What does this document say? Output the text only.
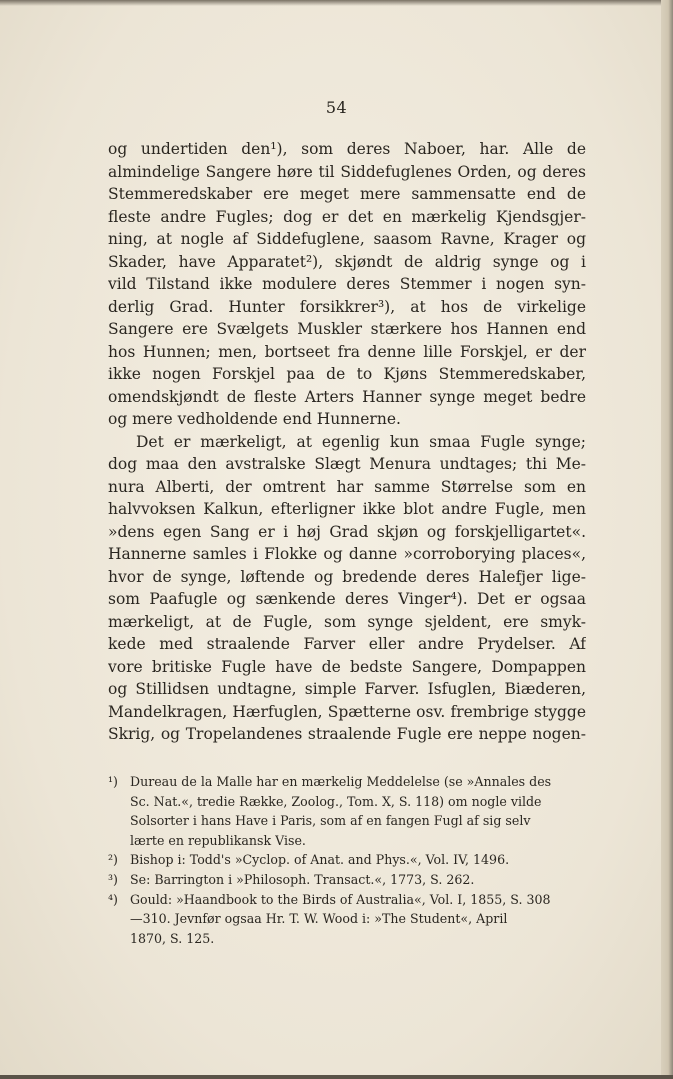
54
og undertiden den¹), som deres Naboer, har. Alle de
almindelige Sangere høre til Siddefuglenes Orden, og deres
Stemmeredskaber ere meget mere sammensatte end de
fleste andre Fugles; dog er det en mærkelig Kjendsgjer-
ning, at nogle af Siddefuglene, saasom Ravne, Krager og
Skader, have Apparatet²), skjøndt de aldrig synge og i
vild Tilstand ikke modulere deres Stemmer i nogen syn-
derlig Grad. Hunter forsikkrer³), at hos de virkelige
Sangere ere Svælgets Muskler stærkere hos Hannen end
hos Hunnen; men, bortseet fra denne lille Forskjel, er der
ikke nogen Forskjel paa de to Kjøns Stemmeredskaber,
omendskjøndt de fleste Arters Hanner synge meget bedre
og mere vedholdende end Hunnerne.
Det er mærkeligt, at egenlig kun smaa Fugle synge;
dog maa den avstralske Slægt Menura undtages; thi Me-
nura Alberti, der omtrent har samme Størrelse som en
halvvoksen Kalkun, efterligner ikke blot andre Fugle, men
»dens egen Sang er i høj Grad skjøn og forskjelligartet«.
Hannerne samles i Flokke og danne »corroborying places«,
hvor de synge, løftende og bredende deres Halefjer lige-
som Paafugle og sænkende deres Vinger⁴). Det er ogsaa
mærkeligt, at de Fugle, som synge sjeldent, ere smyk-
kede med straalende Farver eller andre Prydelser. Af
vore britiske Fugle have de bedste Sangere, Dompappen
og Stillidsen undtagne, simple Farver. Isfuglen, Biæderen,
Mandelkragen, Hærfuglen, Spætterne osv. frembrige stygge
Skrig, og Tropelandenes straalende Fugle ere neppe nogen-
¹) Dureau de la Malle har en mærkelig Meddelelse (se »Annales des
Sc. Nat.«, tredie Række, Zoolog., Tom. X, S. 118) om nogle vilde
Solsorter i hans Have i Paris, som af en fangen Fugl af sig selv
lærte en republikansk Vise.
²) Bishop i: Todd's »Cyclop. of Anat. and Phys.«, Vol. IV, 1496.
³) Se: Barrington i »Philosoph. Transact.«, 1773, S. 262.
⁴) Gould: »Haandbook to the Birds of Australia«, Vol. I, 1855, S. 308
—310. Jevnfør ogsaa Hr. T. W. Wood i: »The Student«, April
1870, S. 125.
